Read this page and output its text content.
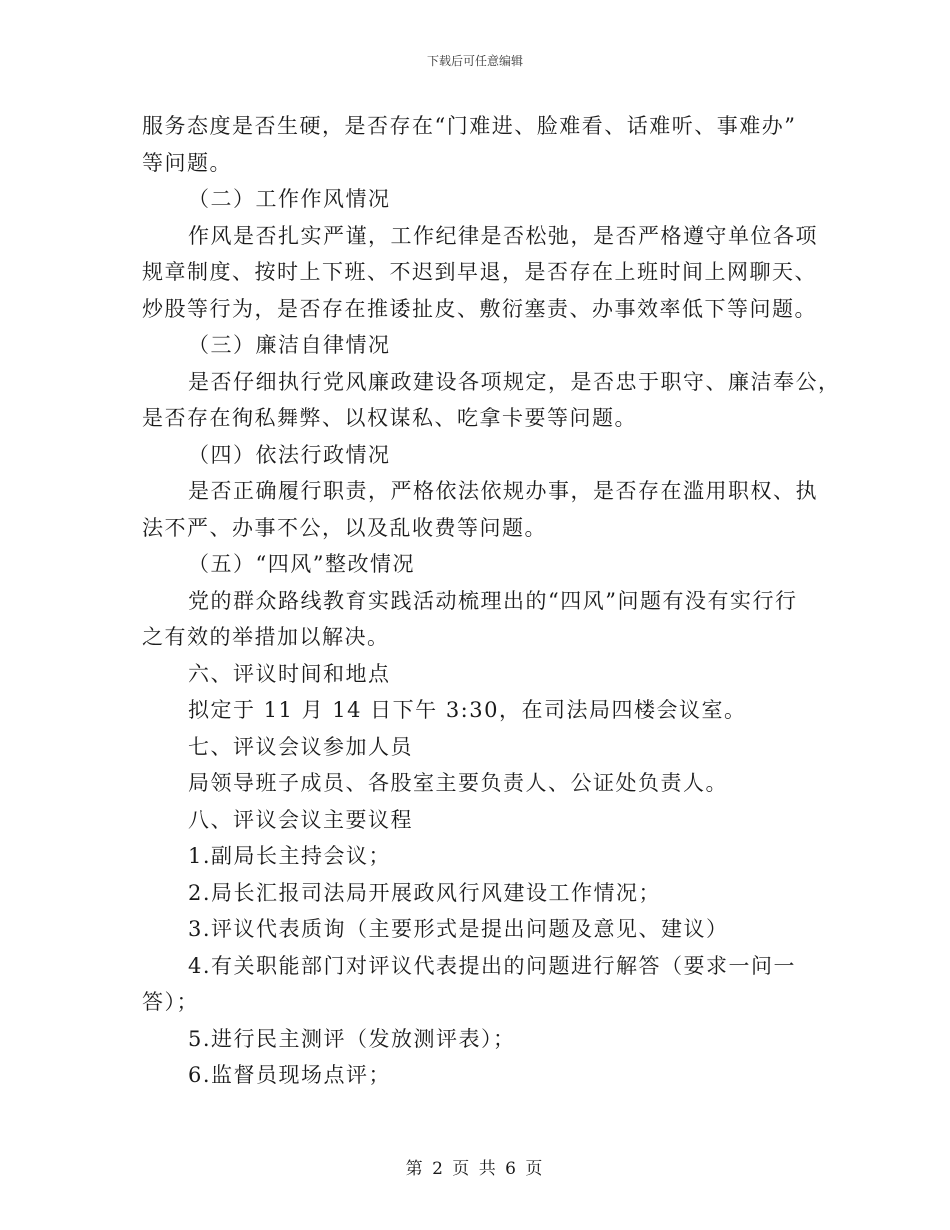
下载后可任意编辑
服务态度是否生硬，是否存在“门难进、脸难看、话难听、事难办”
等问题。
（二）工作作风情况
作风是否扎实严谨，工作纪律是否松弛，是否严格遵守单位各项
规章制度、按时上下班、不迟到早退，是否存在上班时间上网聊天、
炒股等行为，是否存在推诿扯皮、敷衍塞责、办事效率低下等问题。
（三）廉洁自律情况
是否仔细执行党风廉政建设各项规定，是否忠于职守、廉洁奉公，
是否存在徇私舞弊、以权谋私、吃拿卡要等问题。
（四）依法行政情况
是否正确履行职责，严格依法依规办事，是否存在滥用职权、执
法不严、办事不公，以及乱收费等问题。
（五）“四风”整改情况
党的群众路线教育实践活动梳理出的“四风”问题有没有实行行
之有效的举措加以解决。
六、评议时间和地点
拟定于 11 月 14 日下午 3:30，在司法局四楼会议室。
七、评议会议参加人员
局领导班子成员、各股室主要负责人、公证处负责人。
八、评议会议主要议程
1.副局长主持会议；
2.局长汇报司法局开展政风行风建设工作情况；
3.评议代表质询（主要形式是提出问题及意见、建议）
4.有关职能部门对评议代表提出的问题进行解答（要求一问一
答）；
5.进行民主测评（发放测评表）；
6.监督员现场点评；
第 2 页 共 6 页
